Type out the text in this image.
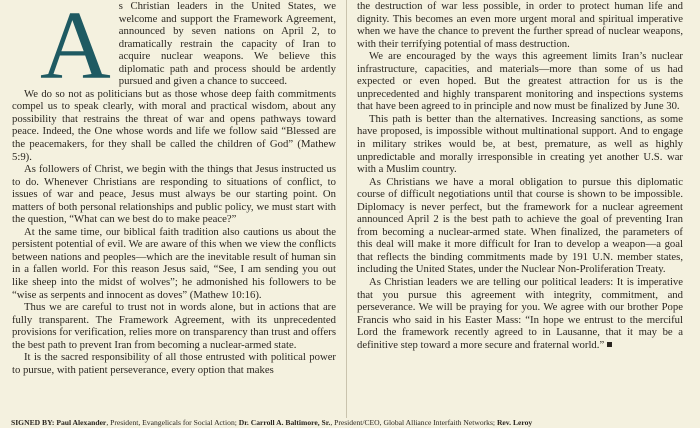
A s Christian leaders in the United States, we welcome and support the Framework Agreement, announced by seven nations on April 2, to dramatically restrain the capacity of Iran to acquire nuclear weapons. We believe this diplomatic path and process should be ardently pursued and given a chance to succeed.

We do so not as politicians but as those whose deep faith commitments compel us to speak clearly, with moral and practical wisdom, about any possibility that restrains the threat of war and opens pathways toward peace. Indeed, the One whose words and life we follow said “Blessed are the peacemakers, for they shall be called the children of God” (Mathew 5:9).

As followers of Christ, we begin with the things that Jesus instructed us to do. Whenever Christians are responding to situations of conflict, to issues of war and peace, Jesus must always be our starting point. On matters of both personal relationships and public policy, we must start with the question, “What can we best do to make peace?”

At the same time, our biblical faith tradition also cautions us about the persistent potential of evil. We are aware of this when we view the conflicts between nations and peoples—which are the inevitable result of human sin in a fallen world. For this reason Jesus said, “See, I am sending you out like sheep into the midst of wolves”; he admonished his followers to be “wise as serpents and innocent as doves” (Mathew 10:16).

Thus we are careful to trust not in words alone, but in actions that are fully transparent. The Framework Agreement, with its unprecedented provisions for verification, relies more on transparency than trust and offers the best path to prevent Iran from becoming a nuclear-armed state.

It is the sacred responsibility of all those entrusted with political power to pursue, with patient perseverance, every option that makes

the destruction of war less possible, in order to protect human life and dignity. This becomes an even more urgent moral and spiritual imperative when we have the chance to prevent the further spread of nuclear weapons, with their terrifying potential of mass destruction.

We are encouraged by the ways this agreement limits Iran’s nuclear infrastructure, capacities, and materials—more than some of us had expected or even hoped. But the greatest attraction for us is the unprecedented and highly transparent monitoring and inspections systems that have been agreed to in principle and now must be finalized by June 30.

This path is better than the alternatives. Increasing sanctions, as some have proposed, is impossible without multinational support. And to engage in military strikes would be, at best, premature, as well as highly unpredictable and morally irresponsible in creating yet another U.S. war with a Muslim country.

As Christians we have a moral obligation to pursue this diplomatic course of difficult negotiations until that course is shown to be impossible. Diplomacy is never perfect, but the framework for a nuclear agreement announced April 2 is the best path to achieve the goal of preventing Iran from becoming a nuclear-armed state. When finalized, the parameters of this deal will make it more difficult for Iran to develop a weapon—a goal that reflects the binding commitments made by 191 U.N. member states, including the United States, under the Nuclear Non-Proliferation Treaty.

As Christian leaders we are telling our political leaders: It is imperative that you pursue this agreement with integrity, commitment, and perseverance. We will be praying for you. We agree with our brother Pope Francis who said in his Easter Mass: “In hope we entrust to the merciful Lord the framework recently agreed to in Lausanne, that it may be a definitive step toward a more secure and fraternal world.”

SIGNED BY: Paul Alexander, President, Evangelicals for Social Action; Dr. Carroll A. Baltimore, Sr., President/CEO, Global Alliance Interfaith Networks; Rev. Leroy
